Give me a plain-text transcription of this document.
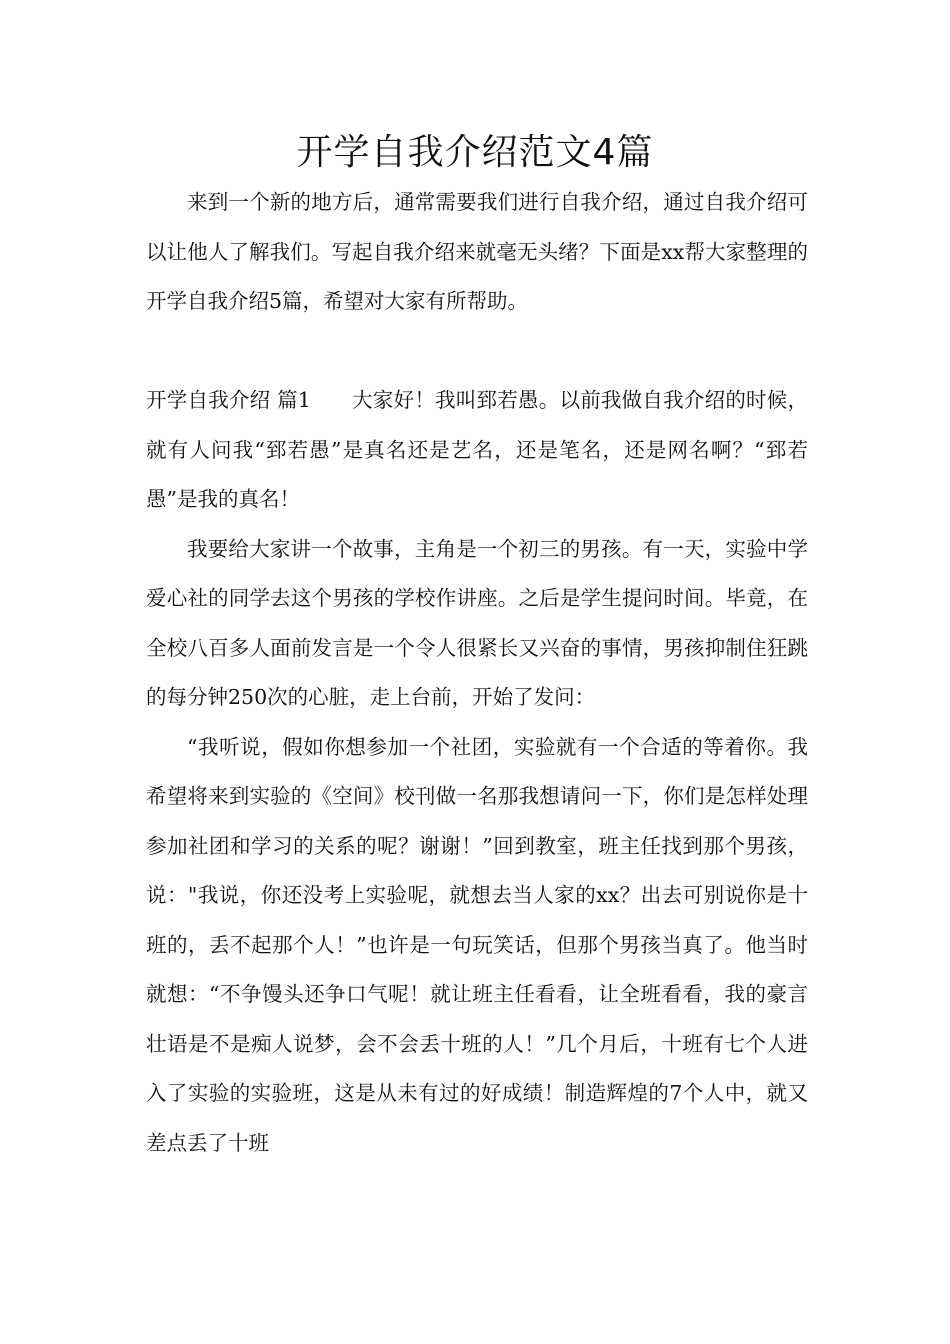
开学自我介绍范文4篇

来到一个新的地方后，通常需要我们进行自我介绍，通过自我介绍可以让他人了解我们。写起自我介绍来就毫无头绪？下面是xx帮大家整理的开学自我介绍5篇，希望对大家有所帮助。

开学自我介绍 篇1 大家好！我叫郅若愚。以前我做自我介绍的时候，就有人问我“郅若愚”是真名还是艺名，还是笔名，还是网名啊？“郅若愚”是我的真名！

我要给大家讲一个故事，主角是一个初三的男孩。有一天，实验中学爱心社的同学去这个男孩的学校作讲座。之后是学生提问时间。毕竟，在全校八百多人面前发言是一个令人很紧长又兴奋的事情，男孩抑制住狂跳的每分钟250次的心脏，走上台前，开始了发问：

“我听说，假如你想参加一个社团，实验就有一个合适的等着你。我希望将来到实验的《空间》校刊做一名那我想请问一下，你们是怎样处理参加社团和学习的关系的呢？谢谢！”回到教室，班主任找到那个男孩，说："我说，你还没考上实验呢，就想去当人家的xx？出去可别说你是十班的，丢不起那个人！”也许是一句玩笑话，但那个男孩当真了。他当时就想：“不争馒头还争口气呢！就让班主任看看，让全班看看，我的豪言壮语是不是痴人说梦，会不会丢十班的人！”几个月后，十班有七个人进入了实验的实验班，这是从未有过的好成绩！制造辉煌的7个人中，就又差点丢了十班
